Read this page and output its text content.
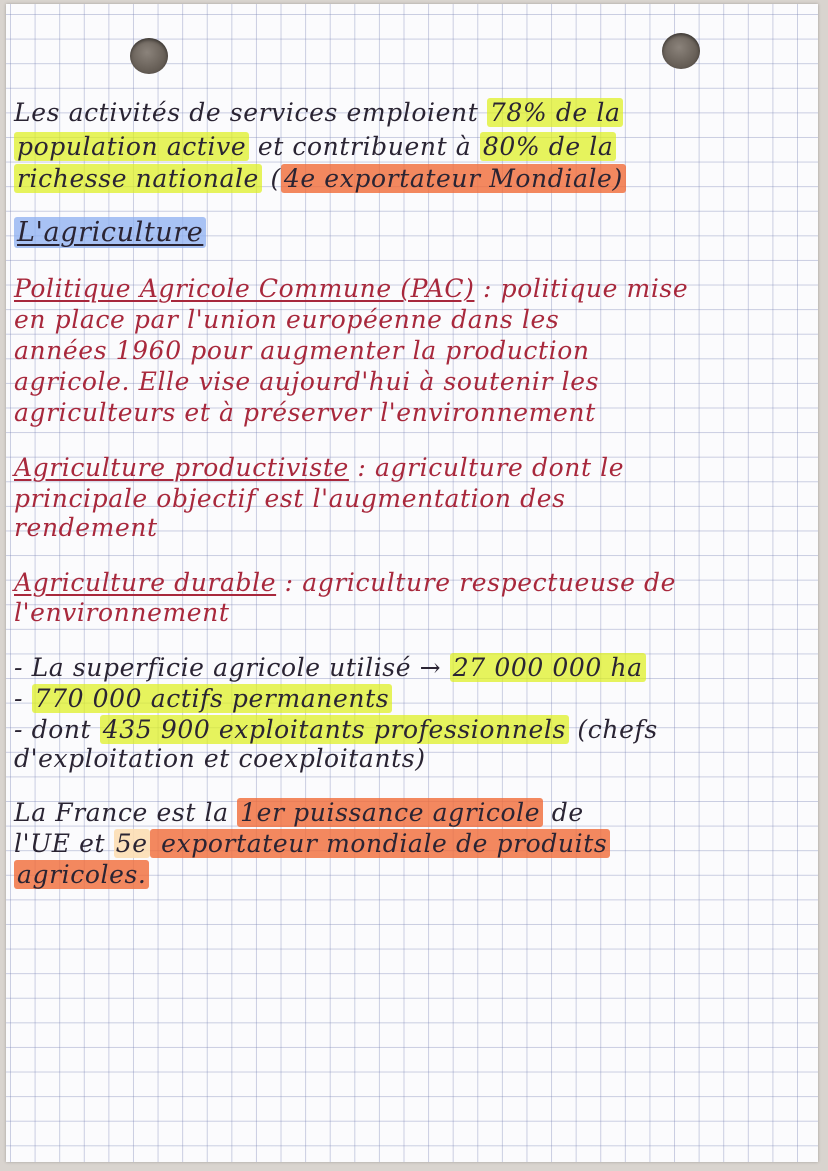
Les activités de services emploient 78% de la
population active et contribuent à 80% de la
richesse nationale ( 4e exportateur Mondiale)
L'agriculture
Politique Agricole Commune (PAC) : politique mise
en place par l'union européenne dans les
années 1960 pour augmenter la production
agricole. Elle vise aujourd'hui à soutenir les
agriculteurs et à préserver l'environnement
Agriculture productiviste : agriculture dont le
principale objectif est l'augmentation des
rendement
Agriculture durable : agriculture respectueuse de
l'environnement
- La superficie agricole utilisé → 27 000 000 ha
- 770 000 actifs permanents
- dont 435 900 exploitants professionnels (chefs
d'exploitation et coexploitants)
La France est la 1er puissance agricole de
l'UE et 5e exportateur mondiale de produits
agricoles.
